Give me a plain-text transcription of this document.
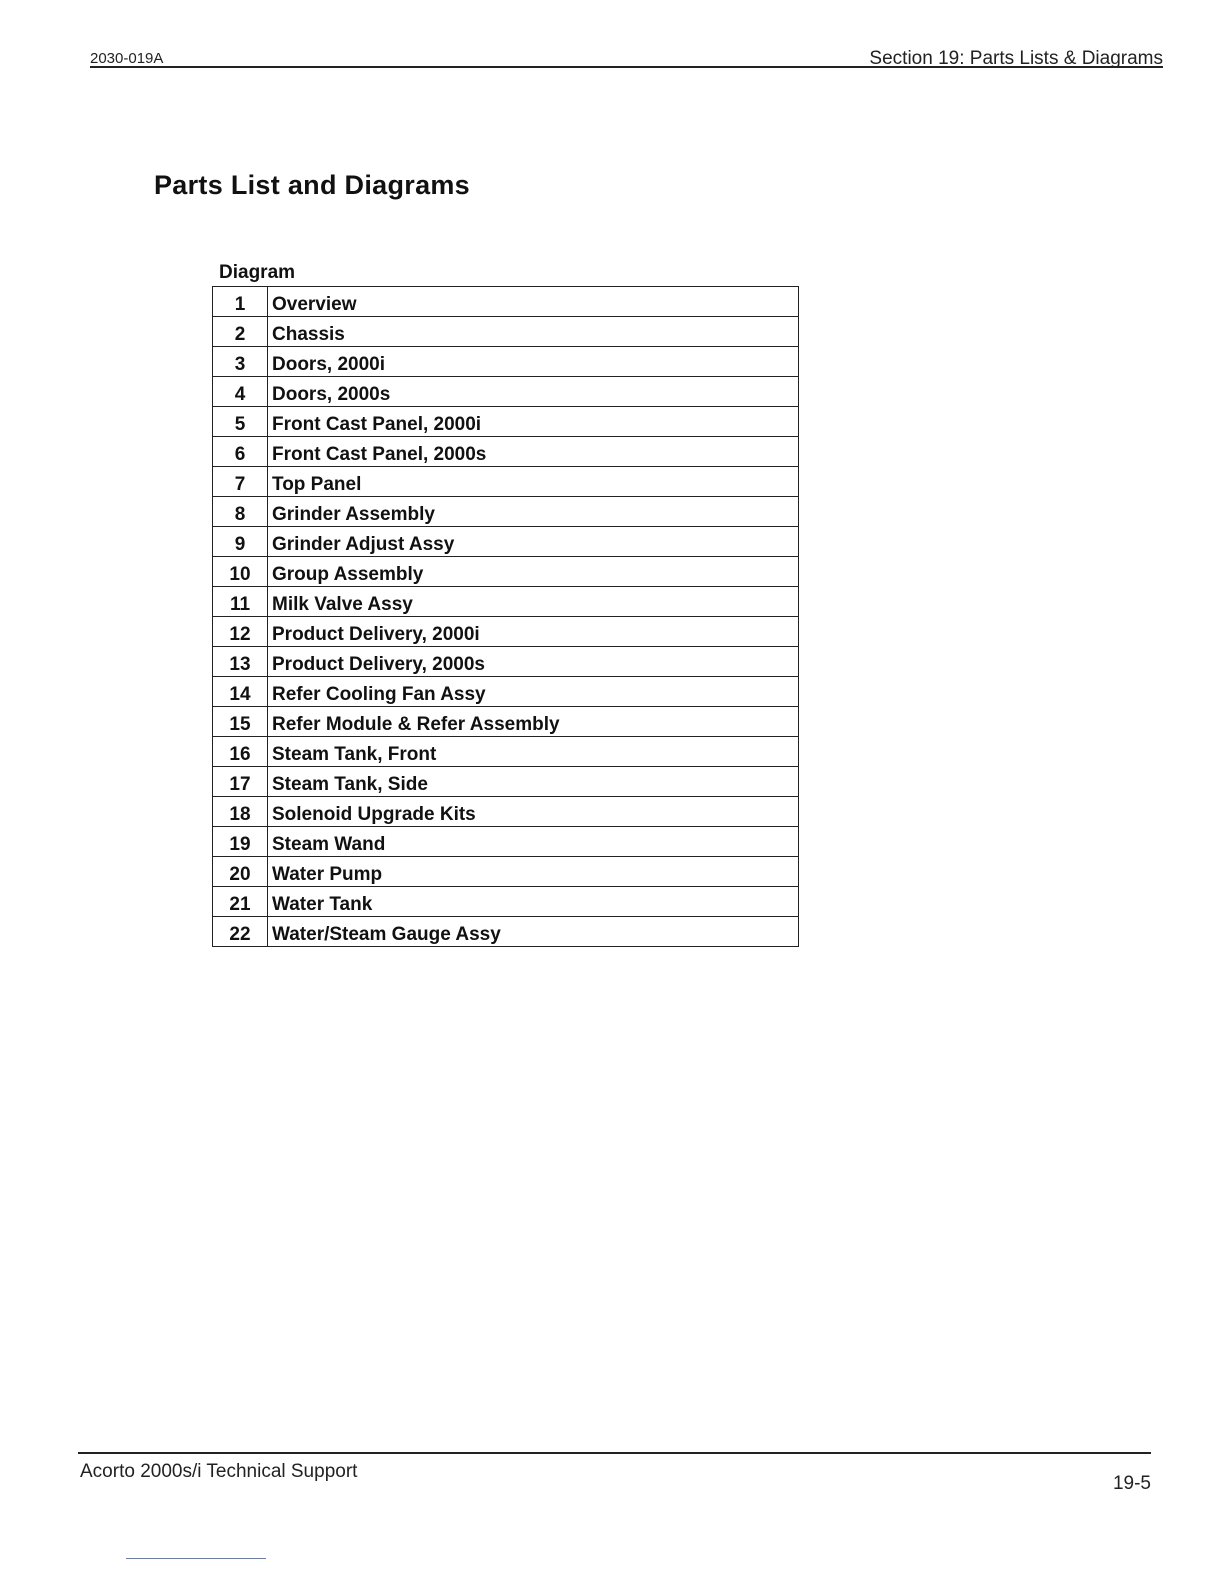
2030-019A	Section 19: Parts Lists & Diagrams
Parts List and Diagrams
Diagram
1	Overview
2	Chassis
3	Doors, 2000i
4	Doors, 2000s
5	Front Cast Panel, 2000i
6	Front Cast Panel, 2000s
7	Top Panel
8	Grinder Assembly
9	Grinder Adjust Assy
10	Group Assembly
11	Milk Valve Assy
12	Product Delivery, 2000i
13	Product Delivery, 2000s
14	Refer Cooling Fan Assy
15	Refer Module & Refer Assembly
16	Steam Tank, Front
17	Steam Tank, Side
18	Solenoid Upgrade Kits
19	Steam Wand
20	Water Pump
21	Water Tank
22	Water/Steam Gauge Assy
Acorto 2000s/i Technical Support
19-5
